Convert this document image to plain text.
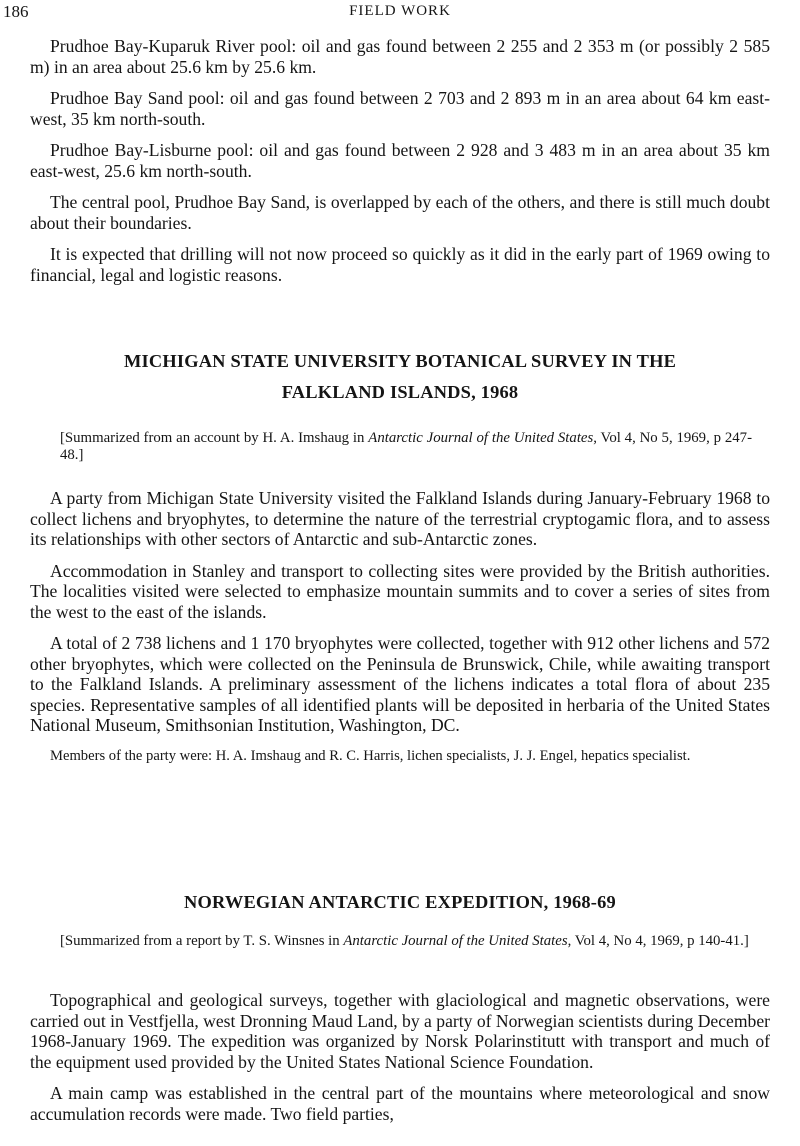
186	FIELD WORK

Prudhoe Bay-Kuparuk River pool: oil and gas found between 2 255 and 2 353 m (or possibly 2 585 m) in an area about 25.6 km by 25.6 km.

Prudhoe Bay Sand pool: oil and gas found between 2 703 and 2 893 m in an area about 64 km east-west, 35 km north-south.

Prudhoe Bay-Lisburne pool: oil and gas found between 2 928 and 3 483 m in an area about 35 km east-west, 25.6 km north-south.

The central pool, Prudhoe Bay Sand, is overlapped by each of the others, and there is still much doubt about their boundaries.

It is expected that drilling will not now proceed so quickly as it did in the early part of 1969 owing to financial, legal and logistic reasons.

MICHIGAN STATE UNIVERSITY BOTANICAL SURVEY IN THE
FALKLAND ISLANDS, 1968

[Summarized from an account by H. A. Imshaug in Antarctic Journal of the United States, Vol 4, No 5, 1969, p 247-48.]

A party from Michigan State University visited the Falkland Islands during January-February 1968 to collect lichens and bryophytes, to determine the nature of the terrestrial cryptogamic flora, and to assess its relationships with other sectors of Antarctic and sub-Antarctic zones.

Accommodation in Stanley and transport to collecting sites were provided by the British authorities. The localities visited were selected to emphasize mountain summits and to cover a series of sites from the west to the east of the islands.

A total of 2 738 lichens and 1 170 bryophytes were collected, together with 912 other lichens and 572 other bryophytes, which were collected on the Peninsula de Brunswick, Chile, while awaiting transport to the Falkland Islands. A preliminary assessment of the lichens indicates a total flora of about 235 species. Representative samples of all identified plants will be deposited in herbaria of the United States National Museum, Smithsonian Institution, Washington, DC.

Members of the party were: H. A. Imshaug and R. C. Harris, lichen specialists, J. J. Engel, hepatics specialist.

NORWEGIAN ANTARCTIC EXPEDITION, 1968-69

[Summarized from a report by T. S. Winsnes in Antarctic Journal of the United States, Vol 4, No 4, 1969, p 140-41.]

Topographical and geological surveys, together with glaciological and magnetic observations, were carried out in Vestfjella, west Dronning Maud Land, by a party of Norwegian scientists during December 1968-January 1969. The expedition was organized by Norsk Polarinstitutt with transport and much of the equipment used provided by the United States National Science Foundation.

A main camp was established in the central part of the mountains where meteorological and snow accumulation records were made. Two field parties,
